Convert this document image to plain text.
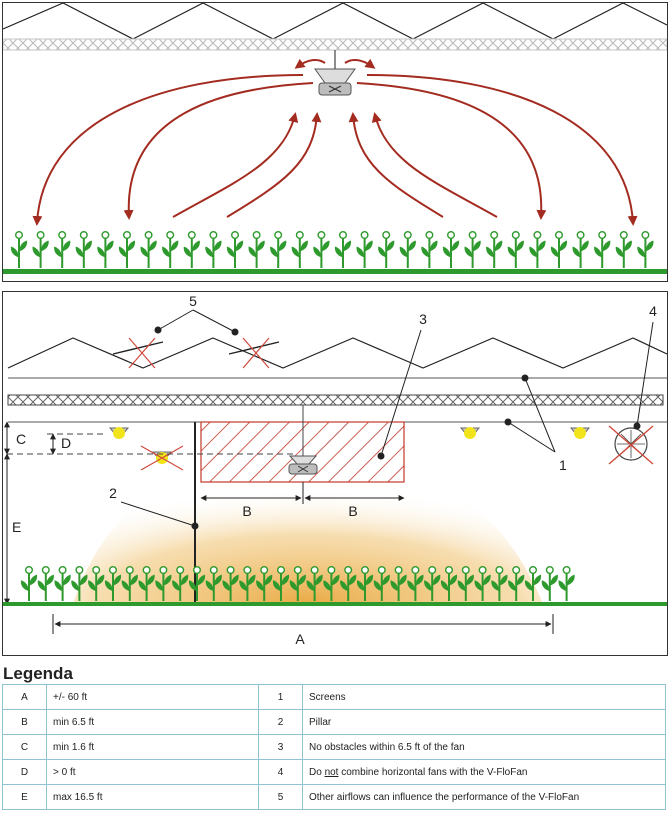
5
3	4
1
2
C D
E
B	B
A
Legenda
A	+/- 60 ft	1	Screens
B	min 6.5 ft	2	Pillar
C	min 1.6 ft	3	No obstacles within 6.5 ft of the fan
D	> 0 ft	4	Do not combine horizontal fans with the V-FloFan
E	max 16.5 ft	5	Other airflows can influence the performance of the V-FloFan
